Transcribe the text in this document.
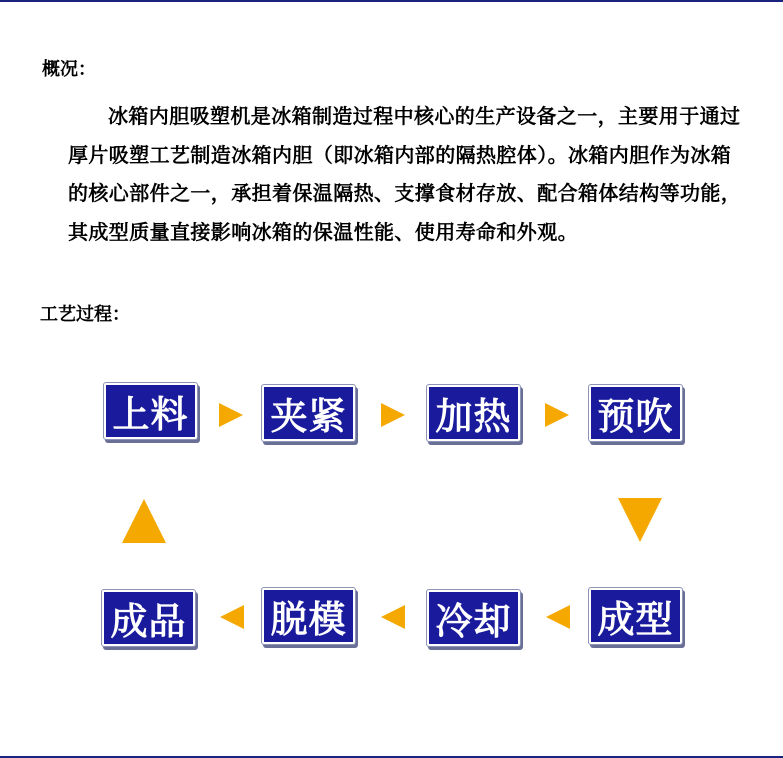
概况：

冰箱内胆吸塑机是冰箱制造过程中核心的生产设备之一，主要用于通过厚片吸塑工艺制造冰箱内胆（即冰箱内部的隔热腔体）。冰箱内胆作为冰箱的核心部件之一，承担着保温隔热、支撑食材存放、配合箱体结构等功能，其成型质量直接影响冰箱的保温性能、使用寿命和外观。

工艺过程：
上料 夹紧 加热 预吹
成型
冷却
脱模
成品
